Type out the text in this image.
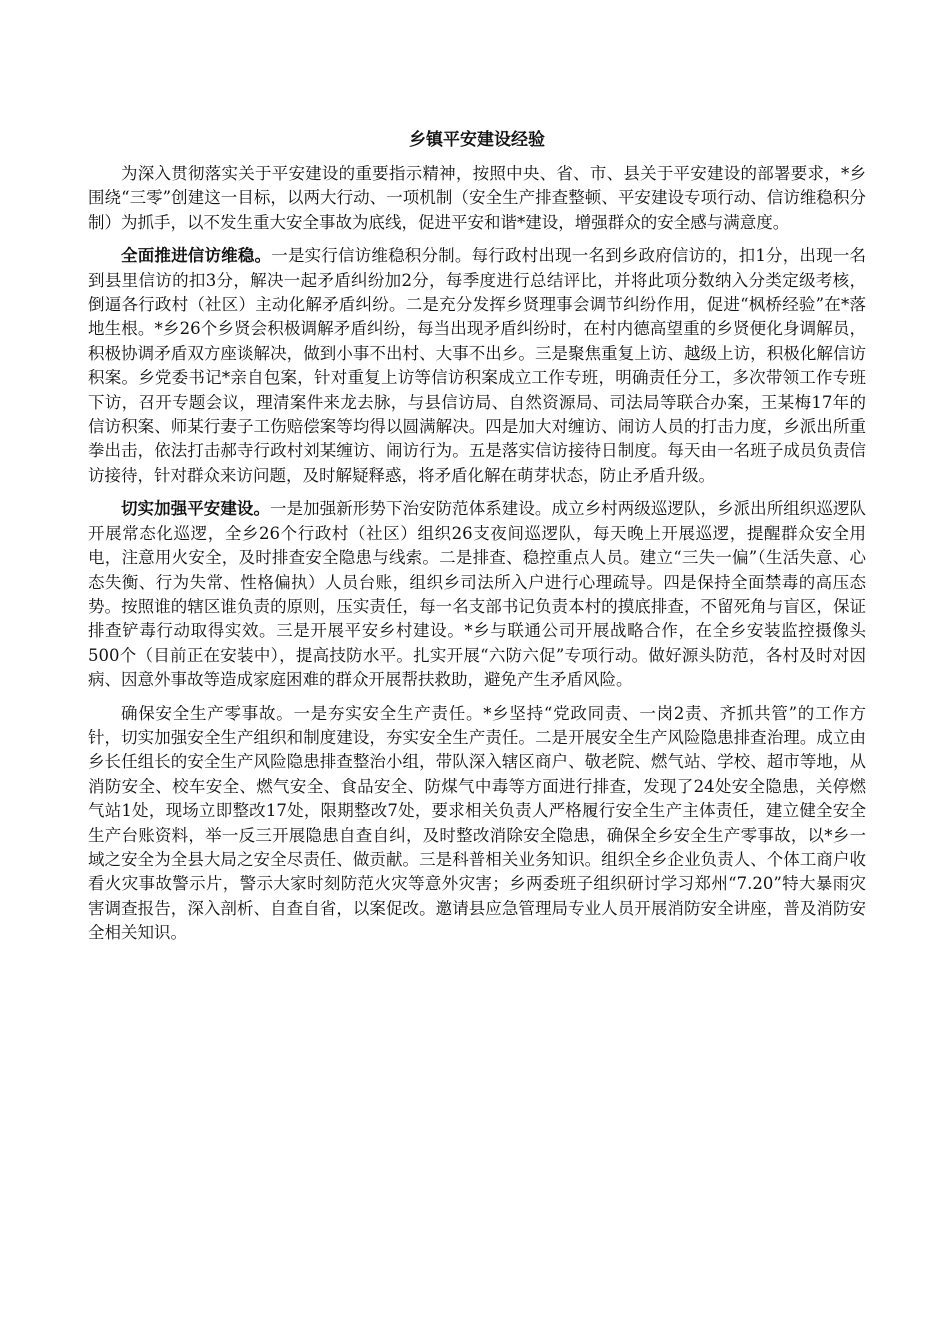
乡镇平安建设经验

为深入贯彻落实关于平安建设的重要指示精神，按照中央、省、市、县关于平安建设的部署要求，*乡围绕“三零”创建这一目标，以两大行动、一项机制（安全生产排查整顿、平安建设专项行动、信访维稳积分制）为抓手，以不发生重大安全事故为底线，促进平安和谐*建设，增强群众的安全感与满意度。

全面推进信访维稳。一是实行信访维稳积分制。每行政村出现一名到乡政府信访的，扣1分，出现一名到县里信访的扣3分，解决一起矛盾纠纷加2分，每季度进行总结评比，并将此项分数纳入分类定级考核，倒逼各行政村（社区）主动化解矛盾纠纷。二是充分发挥乡贤理事会调节纠纷作用，促进“枫桥经验”在*落地生根。*乡26个乡贤会积极调解矛盾纠纷，每当出现矛盾纠纷时，在村内德高望重的乡贤便化身调解员，积极协调矛盾双方座谈解决，做到小事不出村、大事不出乡。三是聚焦重复上访、越级上访，积极化解信访积案。乡党委书记*亲自包案，针对重复上访等信访积案成立工作专班，明确责任分工，多次带领工作专班下访，召开专题会议，理清案件来龙去脉，与县信访局、自然资源局、司法局等联合办案，王某梅17年的信访积案、师某行妻子工伤赔偿案等均得以圆满解决。四是加大对缠访、闹访人员的打击力度，乡派出所重拳出击，依法打击郝寺行政村刘某缠访、闹访行为。五是落实信访接待日制度。每天由一名班子成员负责信访接待，针对群众来访问题，及时解疑释惑，将矛盾化解在萌芽状态，防止矛盾升级。

切实加强平安建设。一是加强新形势下治安防范体系建设。成立乡村两级巡逻队，乡派出所组织巡逻队开展常态化巡逻，全乡26个行政村（社区）组织26支夜间巡逻队，每天晚上开展巡逻，提醒群众安全用电，注意用火安全，及时排查安全隐患与线索。二是排查、稳控重点人员。建立“三失一偏”（生活失意、心态失衡、行为失常、性格偏执）人员台账，组织乡司法所入户进行心理疏导。四是保持全面禁毒的高压态势。按照谁的辖区谁负责的原则，压实责任，每一名支部书记负责本村的摸底排查，不留死角与盲区，保证排查铲毒行动取得实效。三是开展平安乡村建设。*乡与联通公司开展战略合作，在全乡安装监控摄像头500个（目前正在安装中），提高技防水平。扎实开展“六防六促”专项行动。做好源头防范，各村及时对因病、因意外事故等造成家庭困难的群众开展帮扶救助，避免产生矛盾风险。

确保安全生产零事故。一是夯实安全生产责任。*乡坚持“党政同责、一岗2责、齐抓共管”的工作方针，切实加强安全生产组织和制度建设，夯实安全生产责任。二是开展安全生产风险隐患排查治理。成立由乡长任组长的安全生产风险隐患排查整治小组，带队深入辖区商户、敬老院、燃气站、学校、超市等地，从消防安全、校车安全、燃气安全、食品安全、防煤气中毒等方面进行排查，发现了24处安全隐患，关停燃气站1处，现场立即整改17处，限期整改7处，要求相关负责人严格履行安全生产主体责任，建立健全安全生产台账资料，举一反三开展隐患自查自纠，及时整改消除安全隐患，确保全乡安全生产零事故，以*乡一域之安全为全县大局之安全尽责任、做贡献。三是科普相关业务知识。组织全乡企业负责人、个体工商户收看火灾事故警示片，警示大家时刻防范火灾等意外灾害；乡两委班子组织研讨学习郑州“7.20”特大暴雨灾害调查报告，深入剖析、自查自省，以案促改。邀请县应急管理局专业人员开展消防安全讲座，普及消防安全相关知识。
